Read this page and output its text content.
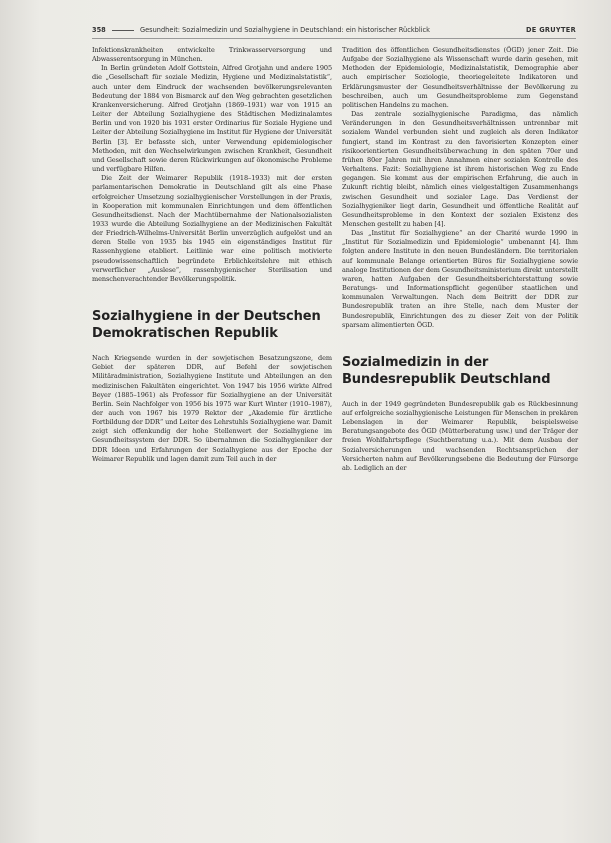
358	Gesundheit: Sozialmedizin und Sozialhygiene in Deutschland: ein historischer Rückblick	DE GRUYTER

Infektionskrankheiten entwickelte Trinkwasserversorgung und Abwasserentsorgung in München.

In Berlin gründeten Adolf Gottstein, Alfred Grotjahn und andere 1905 die „Gesellschaft für soziale Medizin, Hygiene und Medizinalstatistik“, auch unter dem Eindruck der wachsenden bevölkerungsrelevanten Bedeutung der 1884 von Bismarck auf den Weg gebrachten gesetzlichen Krankenversicherung. Alfred Grotjahn (1869–1931) war von 1915 an Leiter der Abteilung Sozialhygiene des Städtischen Medizinalamtes Berlin und von 1920 bis 1931 erster Ordinarius für Soziale Hygiene und Leiter der Abteilung Sozialhygiene im Institut für Hygiene der Universität Berlin [3]. Er befasste sich, unter Verwendung epidemiologischer Methoden, mit den Wechselwirkungen zwischen Krankheit, Gesundheit und Gesellschaft sowie deren Rückwirkungen auf ökonomische Probleme und verfügbare Hilfen.

Die Zeit der Weimarer Republik (1918–1933) mit der ersten parlamentarischen Demokratie in Deutschland gilt als eine Phase erfolgreicher Umsetzung sozialhygienischer Vorstellungen in der Praxis, in Kooperation mit kommunalen Einrichtungen und dem öffentlichen Gesundheitsdienst. Nach der Machtübernahme der Nationalsozialisten 1933 wurde die Abteilung Sozialhygiene an der Medizinischen Fakultät der Friedrich-Wilhelms-Universität Berlin unverzüglich aufgelöst und an deren Stelle von 1935 bis 1945 ein eigenständiges Institut für Rassenhygiene etabliert. Leitlinie war eine politisch motivierte pseudowissenschaftlich begründete Erblichkeitslehre mit ethisch verwerflicher „Auslese“, rassenhygienischer Sterilisation und menschenverachtender Bevölkerungspolitik.

Sozialhygiene in der Deutschen Demokratischen Republik

Nach Kriegsende wurden in der sowjetischen Besatzungszone, dem Gebiet der späteren DDR, auf Befehl der sowjetischen Militäradministration, Sozialhygiene Institute und Abteilungen an den medizinischen Fakultäten eingerichtet. Von 1947 bis 1956 wirkte Alfred Beyer (1885–1961) als Professor für Sozialhygiene an der Universität Berlin. Sein Nachfolger von 1956 bis 1975 war Kurt Winter (1910–1987), der auch von 1967 bis 1979 Rektor der „Akademie für ärztliche Fortbildung der DDR“ und Leiter des Lehrstuhls Sozialhygiene war. Damit zeigt sich offenkundig der hohe Stellenwert der Sozialhygiene im Gesundheitssystem der DDR. So übernahmen die Sozialhygieniker der DDR Ideen und Erfahrungen der Sozialhygiene aus der Epoche der Weimarer Republik und lagen damit zum Teil auch in der

Tradition des öffentlichen Gesundheitsdienstes (ÖGD) jener Zeit. Die Aufgabe der Sozialhygiene als Wissenschaft wurde darin gesehen, mit Methoden der Epidemiologie, Medizinalstatistik, Demographie aber auch empirischer Soziologie, theoriegeleitete Indikatoren und Erklärungsmuster der Gesundheitsverhältnisse der Bevölkerung zu beschreiben, auch um Gesundheitsprobleme zum Gegenstand politischen Handelns zu machen.

Das zentrale sozialhygienische Paradigma, das nämlich Veränderungen in den Gesundheitsverhältnissen untrennbar mit sozialem Wandel verbunden sieht und zugleich als deren Indikator fungiert, stand im Kontrast zu den favorisierten Konzepten einer risikoorientierten Gesundheitsüberwachung in den späten 70er und frühen 80er Jahren mit ihren Annahmen einer sozialen Kontrolle des Verhaltens. Fazit: Sozialhygiene ist ihrem historischen Weg zu Ende gegangen. Sie kommt aus der empirischen Erfahrung, die auch in Zukunft richtig bleibt, nämlich eines vielgestaltigen Zusammenhangs zwischen Gesundheit und sozialer Lage. Das Verdienst der Sozialhygieniker liegt darin, Gesundheit und öffentliche Realität auf Gesundheitsprobleme in den Kontext der sozialen Existenz des Menschen gestellt zu haben [4].

Das „Institut für Sozialhygiene“ an der Charité wurde 1990 in „Institut für Sozialmedizin und Epidemiologie“ umbenannt [4]. Ihm folgten andere Institute in den neuen Bundesländern. Die territorialen auf kommunale Belange orientierten Büros für Sozialhygiene sowie analoge Institutionen der dem Gesundheitsministerium direkt unterstellt waren, hatten Aufgaben der Gesundheitsberichterstattung sowie Beratungs- und Informationspflicht gegenüber staatlichen und kommunalen Verwaltungen. Nach dem Beitritt der DDR zur Bundesrepublik traten an ihre Stelle, nach dem Muster der Bundesrepublik, Einrichtungen des zu dieser Zeit von der Politik sparsam alimentierten ÖGD.

Sozialmedizin in der Bundesrepublik Deutschland

Auch in der 1949 gegründeten Bundesrepublik gab es Rückbesinnung auf erfolgreiche sozialhygienische Leistungen für Menschen in prekären Lebenslagen in der Weimarer Republik, beispielsweise Beratungsangebote des ÖGD (Mütterberatung usw.) und der Träger der freien Wohlfahrtspflege (Suchtberatung u.a.). Mit dem Ausbau der Sozialversicherungen und wachsenden Rechtsansprüchen der Versicherten nahm auf Bevölkerungsebene die Bedeutung der Fürsorge ab. Lediglich an der
